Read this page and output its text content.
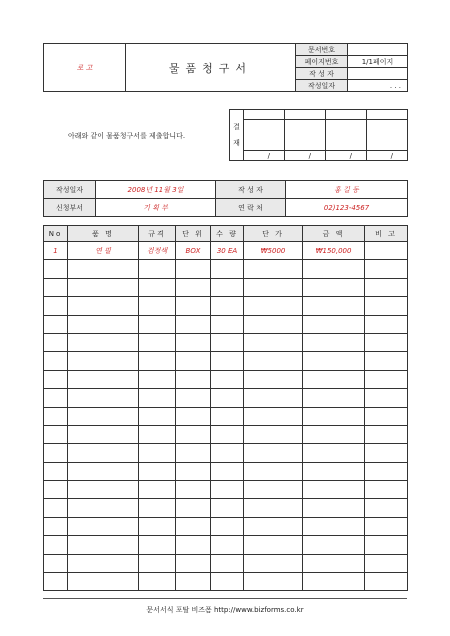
로 고	물품청구서	문서번호	
		페이지번호	1/1페이지
		작 성 자	
		작성일자	. . .
아래와 같이 물품청구서를 제출합니다.
결
재				

	/	/	/	/
작성일자	2008년 11월 3일	작 성 자	홍 길 동
신청부서	기 획 부	연 락 처	02)123-4567
No	품 명	규격	단 위	수 량	단 가	금 액	비 고
1	연 필	검정색	BOX	30 EA	₩5000	₩150,000	

문서서식 포탈 비즈폼 http://www.bizforms.co.kr
